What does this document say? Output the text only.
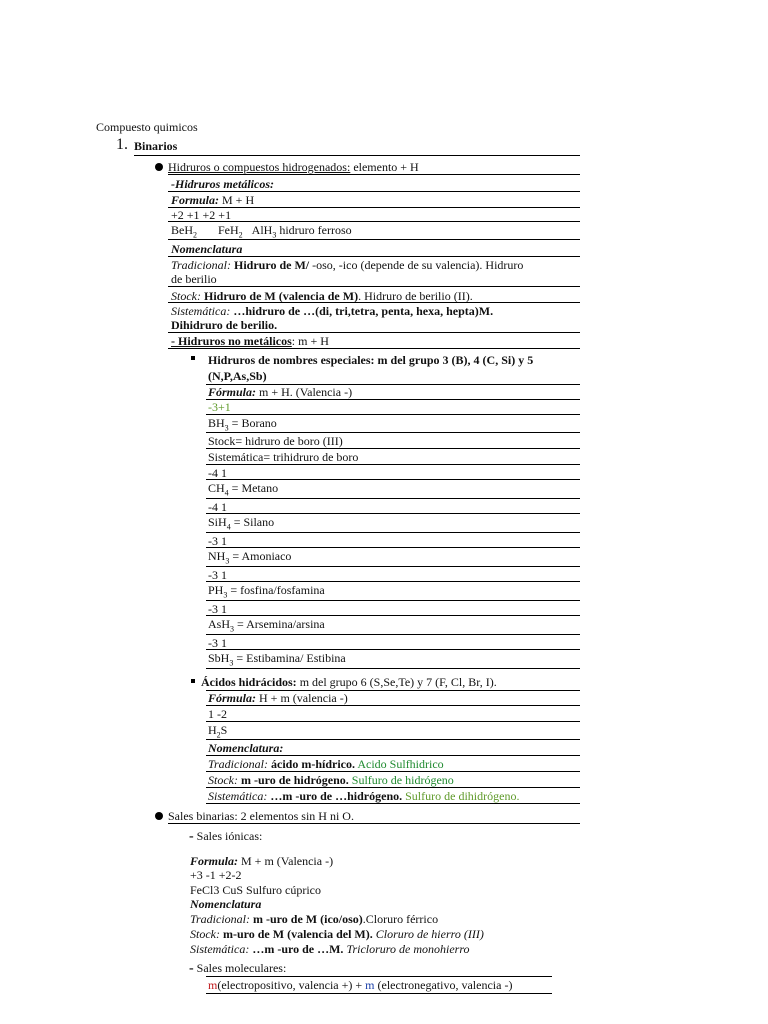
Compuesto quimicos
1. Binarios
Hidruros o compuestos hidrogenados: elemento + H
-Hidruros metálicos:
Formula: M + H
+2 +1 +2 +1
BeH$_2$ FeH$_2$ AlH$_3$ hidruro ferroso
Nomenclatura
Tradicional: Hidruro de M/ -oso, -ico (depende de su valencia). Hidruro
de berilio
Stock: Hidruro de M (valencia de M). Hidruro de berilio (II).
Sistemática: …hidruro de …(di, tri,tetra, penta, hexa, hepta)M.
Dihidruro de berilio.
- Hidruros no metálicos: m + H
Hidruros de nombres especiales: m del grupo 3 (B), 4 (C, Si) y 5
(N,P,As,Sb)
Fórmula: m + H. (Valencia -)
-3+1
$BH_3$ = Borano
Stock= hidruro de boro (III)
Sistemática= trihidruro de boro
-4 1
$CH_4 = Metano$
-4 1
SiH$_4$ = Silano
-3 1
$NH_3$ = Amoniaco
-3 1
$PH_3$ = fosfina/fosfamina
-3 1
AsH$_3$ = Arsemina/arsina
-3 1
SbH$_3$ = Estibamina/ Estibina
Ácidos hidrácidos: m del grupo 6 (S,Se,Te) y 7 (F, Cl, Br, I).
Fórmula: H + m (valencia -)
1 -2
$H_2S$
Nomenclatura:
Tradicional: ácido m-hídrico. Acido Sulfhidrico
Stock: m -uro de hidrógeno. Sulfuro de hidrógeno
Sistemática: …m -uro de …hidrógeno. Sulfuro de dihidrógeno.
Sales binarias: 2 elementos sin H ni O.
- Sales iónicas:
Formula: M + m (Valencia -)
+3 -1 +2-2
FeCl3 CuS Sulfuro cúprico
Nomenclatura
Tradicional: m -uro de M (ico/oso).Cloruro férrico
Stock: m-uro de M (valencia del M). Cloruro de hierro (III)
Sistemática: …m -uro de …M. Tricloruro de monohierro
- Sales moleculares:
m(electropositivo, valencia +) + m (electronegativo, valencia -)
